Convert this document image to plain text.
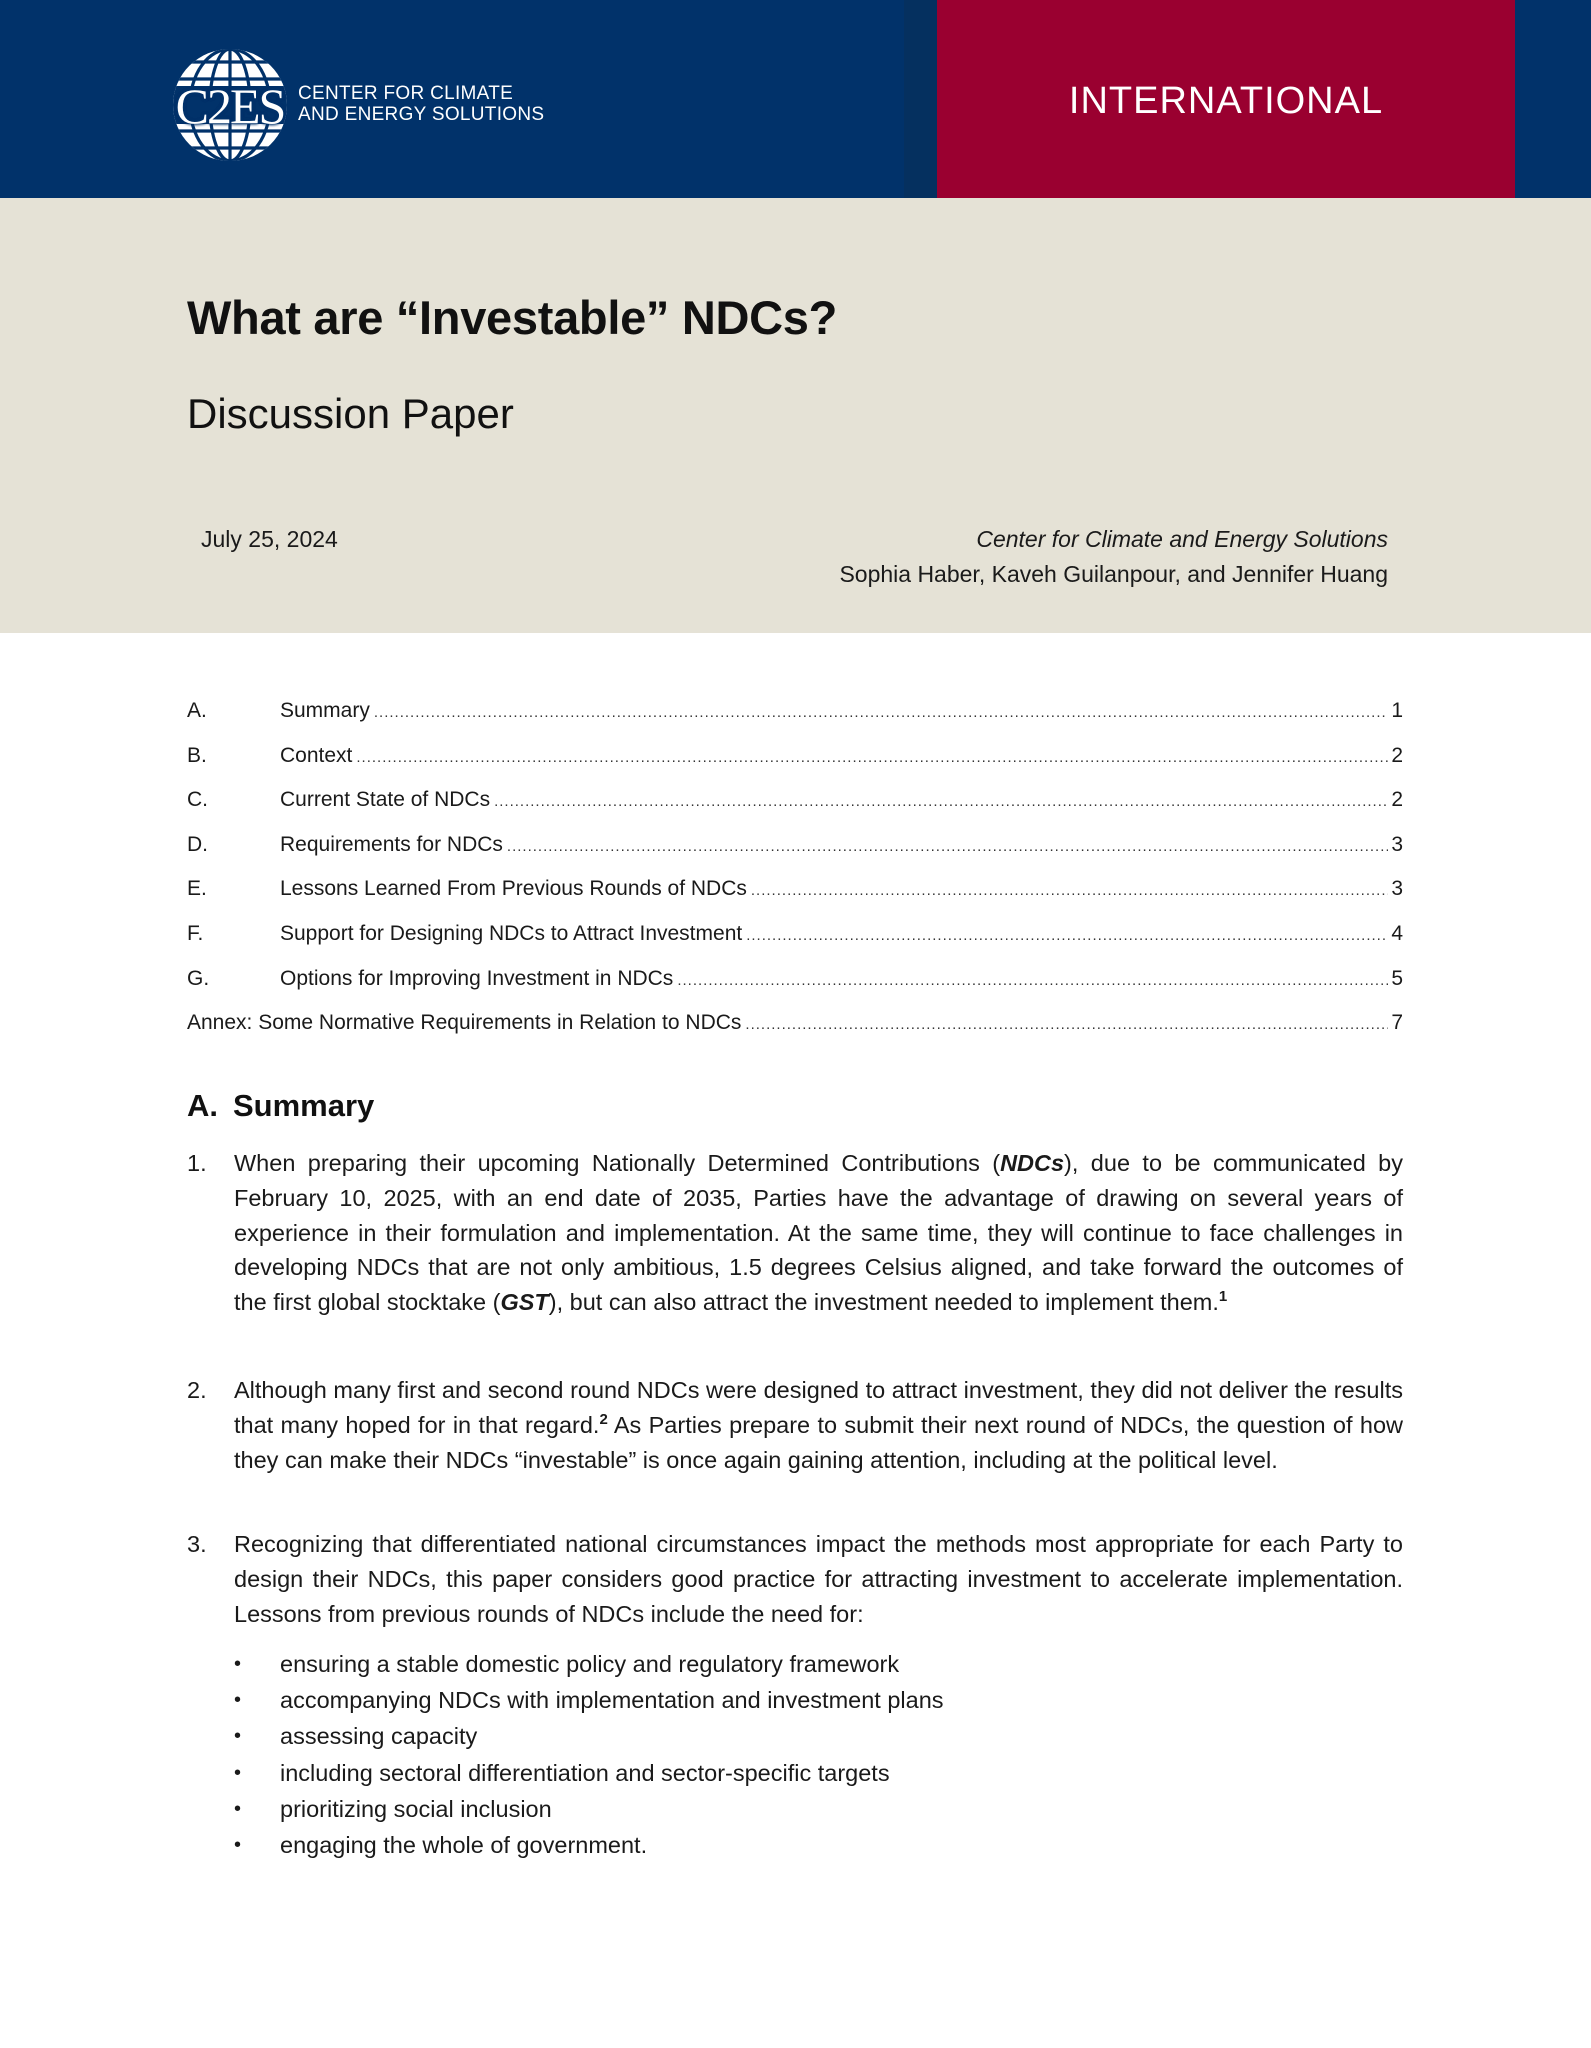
C2ES CENTER FOR CLIMATE
AND ENERGY SOLUTIONS	INTERNATIONAL
What are “Investable” NDCs?
Discussion Paper
July 25, 2024	Center for Climate and Energy Solutions
Sophia Haber, Kaveh Guilanpour, and Jennifer Huang
A.	Summary .....	1
B.	Context .....	2
C.	Current State of NDCs .....	2
D.	Requirements for NDCs .....	3
E.	Lessons Learned From Previous Rounds of NDCs .....	3
F.	Support for Designing NDCs to Attract Investment .....	4
G.	Options for Improving Investment in NDCs .....	5
Annex: Some Normative Requirements in Relation to NDCs .....	7
A. Summary
1. When preparing their upcoming Nationally Determined Contributions (NDCs), due to be communicated by February 10, 2025, with an end date of 2035, Parties have the advantage of drawing on several years of experience in their formulation and implementation. At the same time, they will continue to face challenges in developing NDCs that are not only ambitious, 1.5 degrees Celsius aligned, and take forward the outcomes of the first global stocktake (GST), but can also attract the investment needed to implement them.$^1$
2. Although many first and second round NDCs were designed to attract investment, they did not deliver the results that many hoped for in that regard.$^2$ As Parties prepare to submit their next round of NDCs, the question of how they can make their NDCs “investable” is once again gaining attention, including at the political level.
3. Recognizing that differentiated national circumstances impact the methods most appropriate for each Party to design their NDCs, this paper considers good practice for attracting investment to accelerate implementation. Lessons from previous rounds of NDCs include the need for:
• ensuring a stable domestic policy and regulatory framework
• accompanying NDCs with implementation and investment plans
• assessing capacity
• including sectoral differentiation and sector-specific targets
• prioritizing social inclusion
• engaging the whole of government.
